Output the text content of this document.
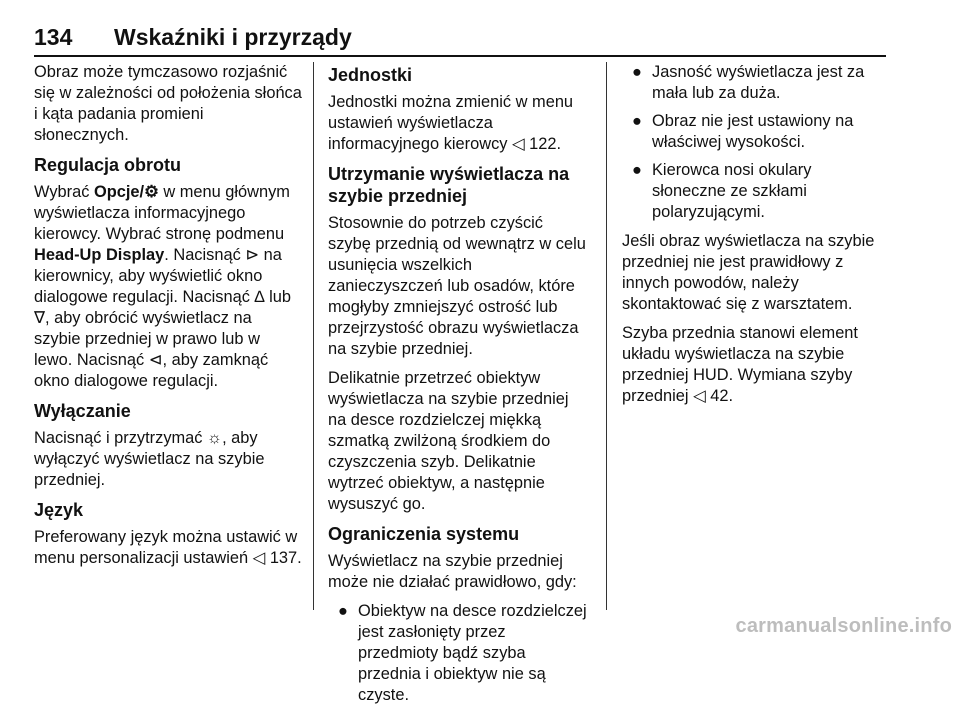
134 Wskaźniki i przyrządy

Obraz może tymczasowo rozjaśnić się w zależności od położenia słońca i kąta padania promieni słonecznych.

Regulacja obrotu

Wybrać Opcje/⚙ w menu głównym wyświetlacza informacyjnego kierowcy. Wybrać stronę podmenu Head-Up Display. Nacisnąć ⊳ na kierownicy, aby wyświetlić okno dialogowe regulacji. Nacisnąć ∆ lub ∇, aby obrócić wyświetlacz na szybie przedniej w prawo lub w lewo. Nacisnąć ⊲, aby zamknąć okno dialogowe regulacji.

Wyłączanie

Nacisnąć i przytrzymać ☼, aby wyłączyć wyświetlacz na szybie przedniej.

Język

Preferowany język można ustawić w menu personalizacji ustawień ◁ 137.

Jednostki

Jednostki można zmienić w menu ustawień wyświetlacza informacyjnego kierowcy ◁ 122.

Utrzymanie wyświetlacza na szybie przedniej

Stosownie do potrzeb czyścić szybę przednią od wewnątrz w celu usunięcia wszelkich zanieczyszczeń lub osadów, które mogłyby zmniejszyć ostrość lub przejrzystość obrazu wyświetlacza na szybie przedniej.

Delikatnie przetrzeć obiektyw wyświetlacza na szybie przedniej na desce rozdzielczej miękką szmatką zwilżoną środkiem do czyszczenia szyb. Delikatnie wytrzeć obiektyw, a następnie wysuszyć go.

Ograniczenia systemu

Wyświetlacz na szybie przedniej może nie działać prawidłowo, gdy:

● Obiektyw na desce rozdzielczej jest zasłonięty przez przedmioty bądź szyba przednia i obiektyw nie są czyste.
● Jasność wyświetlacza jest za mała lub za duża.
● Obraz nie jest ustawiony na właściwej wysokości.
● Kierowca nosi okulary słoneczne ze szkłami polaryzującymi.

Jeśli obraz wyświetlacza na szybie przedniej nie jest prawidłowy z innych powodów, należy skontaktować się z warsztatem.

Szyba przednia stanowi element układu wyświetlacza na szybie przedniej HUD. Wymiana szyby przedniej ◁ 42.

carmanualsonline.info
